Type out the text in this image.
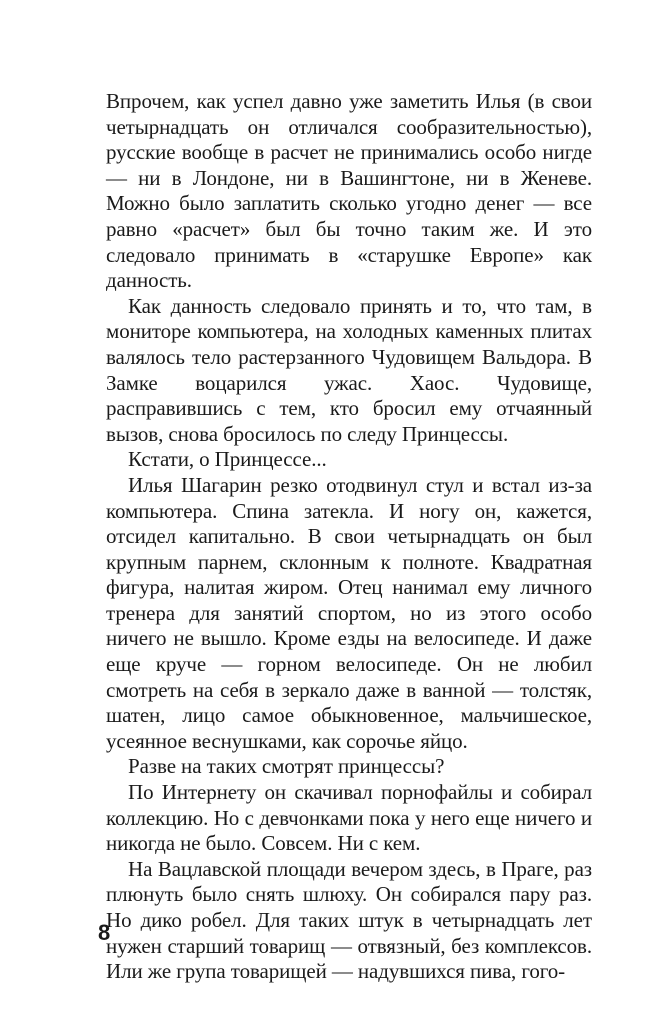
Впрочем, как успел давно уже заметить Илья (в свои четырнадцать он отличался сообразительностью), русские вообще в расчет не принимались особо нигде — ни в Лондоне, ни в Вашингтоне, ни в Женеве. Можно было заплатить сколько угодно денег — все равно «расчет» был бы точно таким же. И это следовало принимать в «старушке Европе» как данность.

Как данность следовало принять и то, что там, в мониторе компьютера, на холодных каменных плитах валялось тело растерзанного Чудовищем Вальдора. В Замке воцарился ужас. Хаос. Чудовище, расправившись с тем, кто бросил ему отчаянный вызов, снова бросилось по следу Принцессы.

Кстати, о Принцессе...

Илья Шагарин резко отодвинул стул и встал из-за компьютера. Спина затекла. И ногу он, кажется, отсидел капитально. В свои четырнадцать он был крупным парнем, склонным к полноте. Квадратная фигура, налитая жиром. Отец нанимал ему личного тренера для занятий спортом, но из этого особо ничего не вышло. Кроме езды на велосипеде. И даже еще круче — горном велосипеде. Он не любил смотреть на себя в зеркало даже в ванной — толстяк, шатен, лицо самое обыкновенное, мальчишеское, усеянное веснушками, как сорочье яйцо.

Разве на таких смотрят принцессы?

По Интернету он скачивал порнофайлы и собирал коллекцию. Но с девчонками пока у него еще ничего и никогда не было. Совсем. Ни с кем.

На Вацлавской площади вечером здесь, в Праге, раз плюнуть было снять шлюху. Он собирался пару раз. Но дико робел. Для таких штук в четырнадцать лет нужен старший товарищ — отвязный, без комплексов. Или же група товарищей — надувшихся пива, гого-

8
